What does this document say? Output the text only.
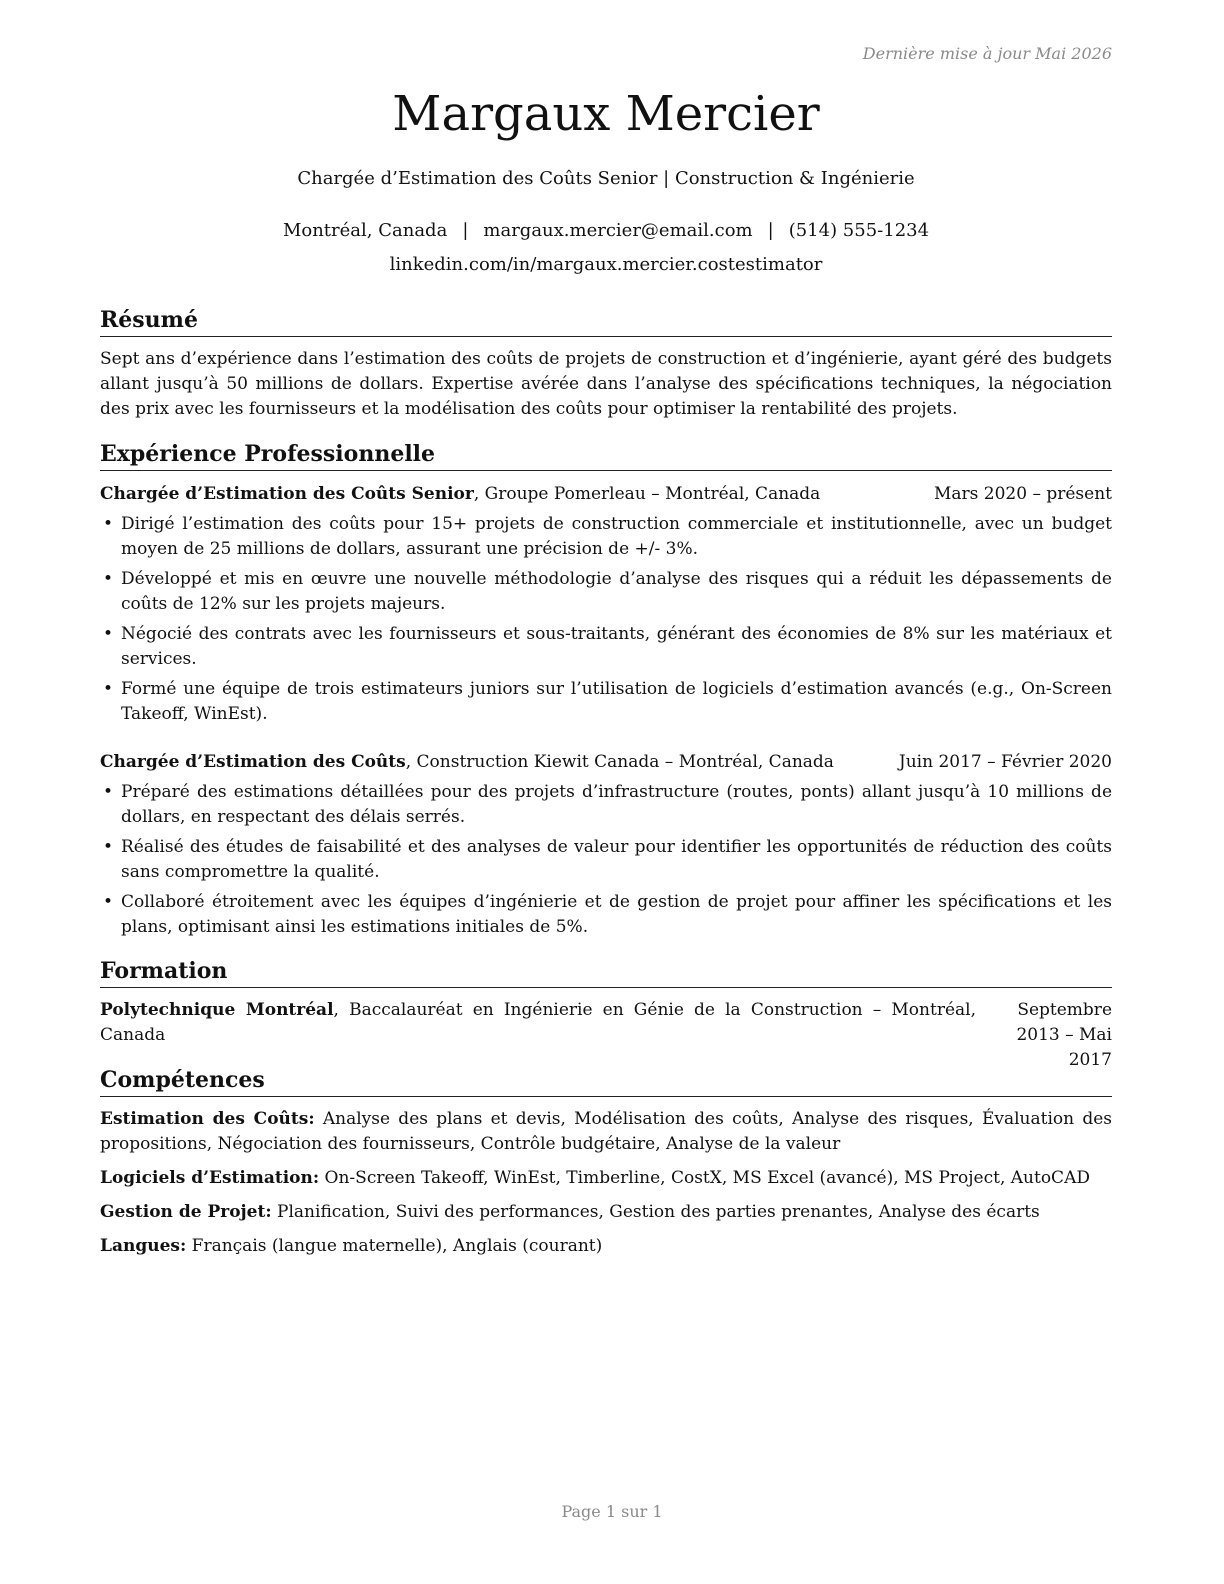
Dernière mise à jour Mai 2026
Margaux Mercier
Chargée d’Estimation des Coûts Senior | Construction & Ingénierie
Montréal, Canada | margaux.mercier@email.com | (514) 555-1234
linkedin.com/in/margaux.mercier.costestimator
Résumé
Sept ans d’expérience dans l’estimation des coûts de projets de construction et d’ingénierie, ayant géré des budgets allant jusqu’à 50 millions de dollars. Expertise avérée dans l’analyse des spécifications techniques, la négociation des prix avec les fournisseurs et la modélisation des coûts pour optimiser la rentabilité des projets.
Expérience Professionnelle
Chargée d’Estimation des Coûts Senior, Groupe Pomerleau – Montréal, Canada	Mars 2020 – présent
• Dirigé l’estimation des coûts pour 15+ projets de construction commerciale et institutionnelle, avec un budget moyen de 25 millions de dollars, assurant une précision de +/- 3%.
• Développé et mis en œuvre une nouvelle méthodologie d’analyse des risques qui a réduit les dépassements de coûts de 12% sur les projets majeurs.
• Négocié des contrats avec les fournisseurs et sous-traitants, générant des économies de 8% sur les matériaux et services.
• Formé une équipe de trois estimateurs juniors sur l’utilisation de logiciels d’estimation avancés (e.g., On-Screen Takeoff, WinEst).
Chargée d’Estimation des Coûts, Construction Kiewit Canada – Montréal, Canada	Juin 2017 – Février 2020
• Préparé des estimations détaillées pour des projets d’infrastructure (routes, ponts) allant jusqu’à 10 millions de dollars, en respectant des délais serrés.
• Réalisé des études de faisabilité et des analyses de valeur pour identifier les opportunités de réduction des coûts sans compromettre la qualité.
• Collaboré étroitement avec les équipes d’ingénierie et de gestion de projet pour affiner les spécifications et les plans, optimisant ainsi les estimations initiales de 5%.
Formation
Polytechnique Montréal, Baccalauréat en Ingénierie en Génie de la Construction – Montréal, Canada
Septembre 2013 – Mai 2017
Compétences
Estimation des Coûts: Analyse des plans et devis, Modélisation des coûts, Analyse des risques, Évaluation des propositions, Négociation des fournisseurs, Contrôle budgétaire, Analyse de la valeur
Logiciels d’Estimation: On-Screen Takeoff, WinEst, Timberline, CostX, MS Excel (avancé), MS Project, AutoCAD
Gestion de Projet: Planification, Suivi des performances, Gestion des parties prenantes, Analyse des écarts
Langues: Français (langue maternelle), Anglais (courant)
Page 1 sur 1
